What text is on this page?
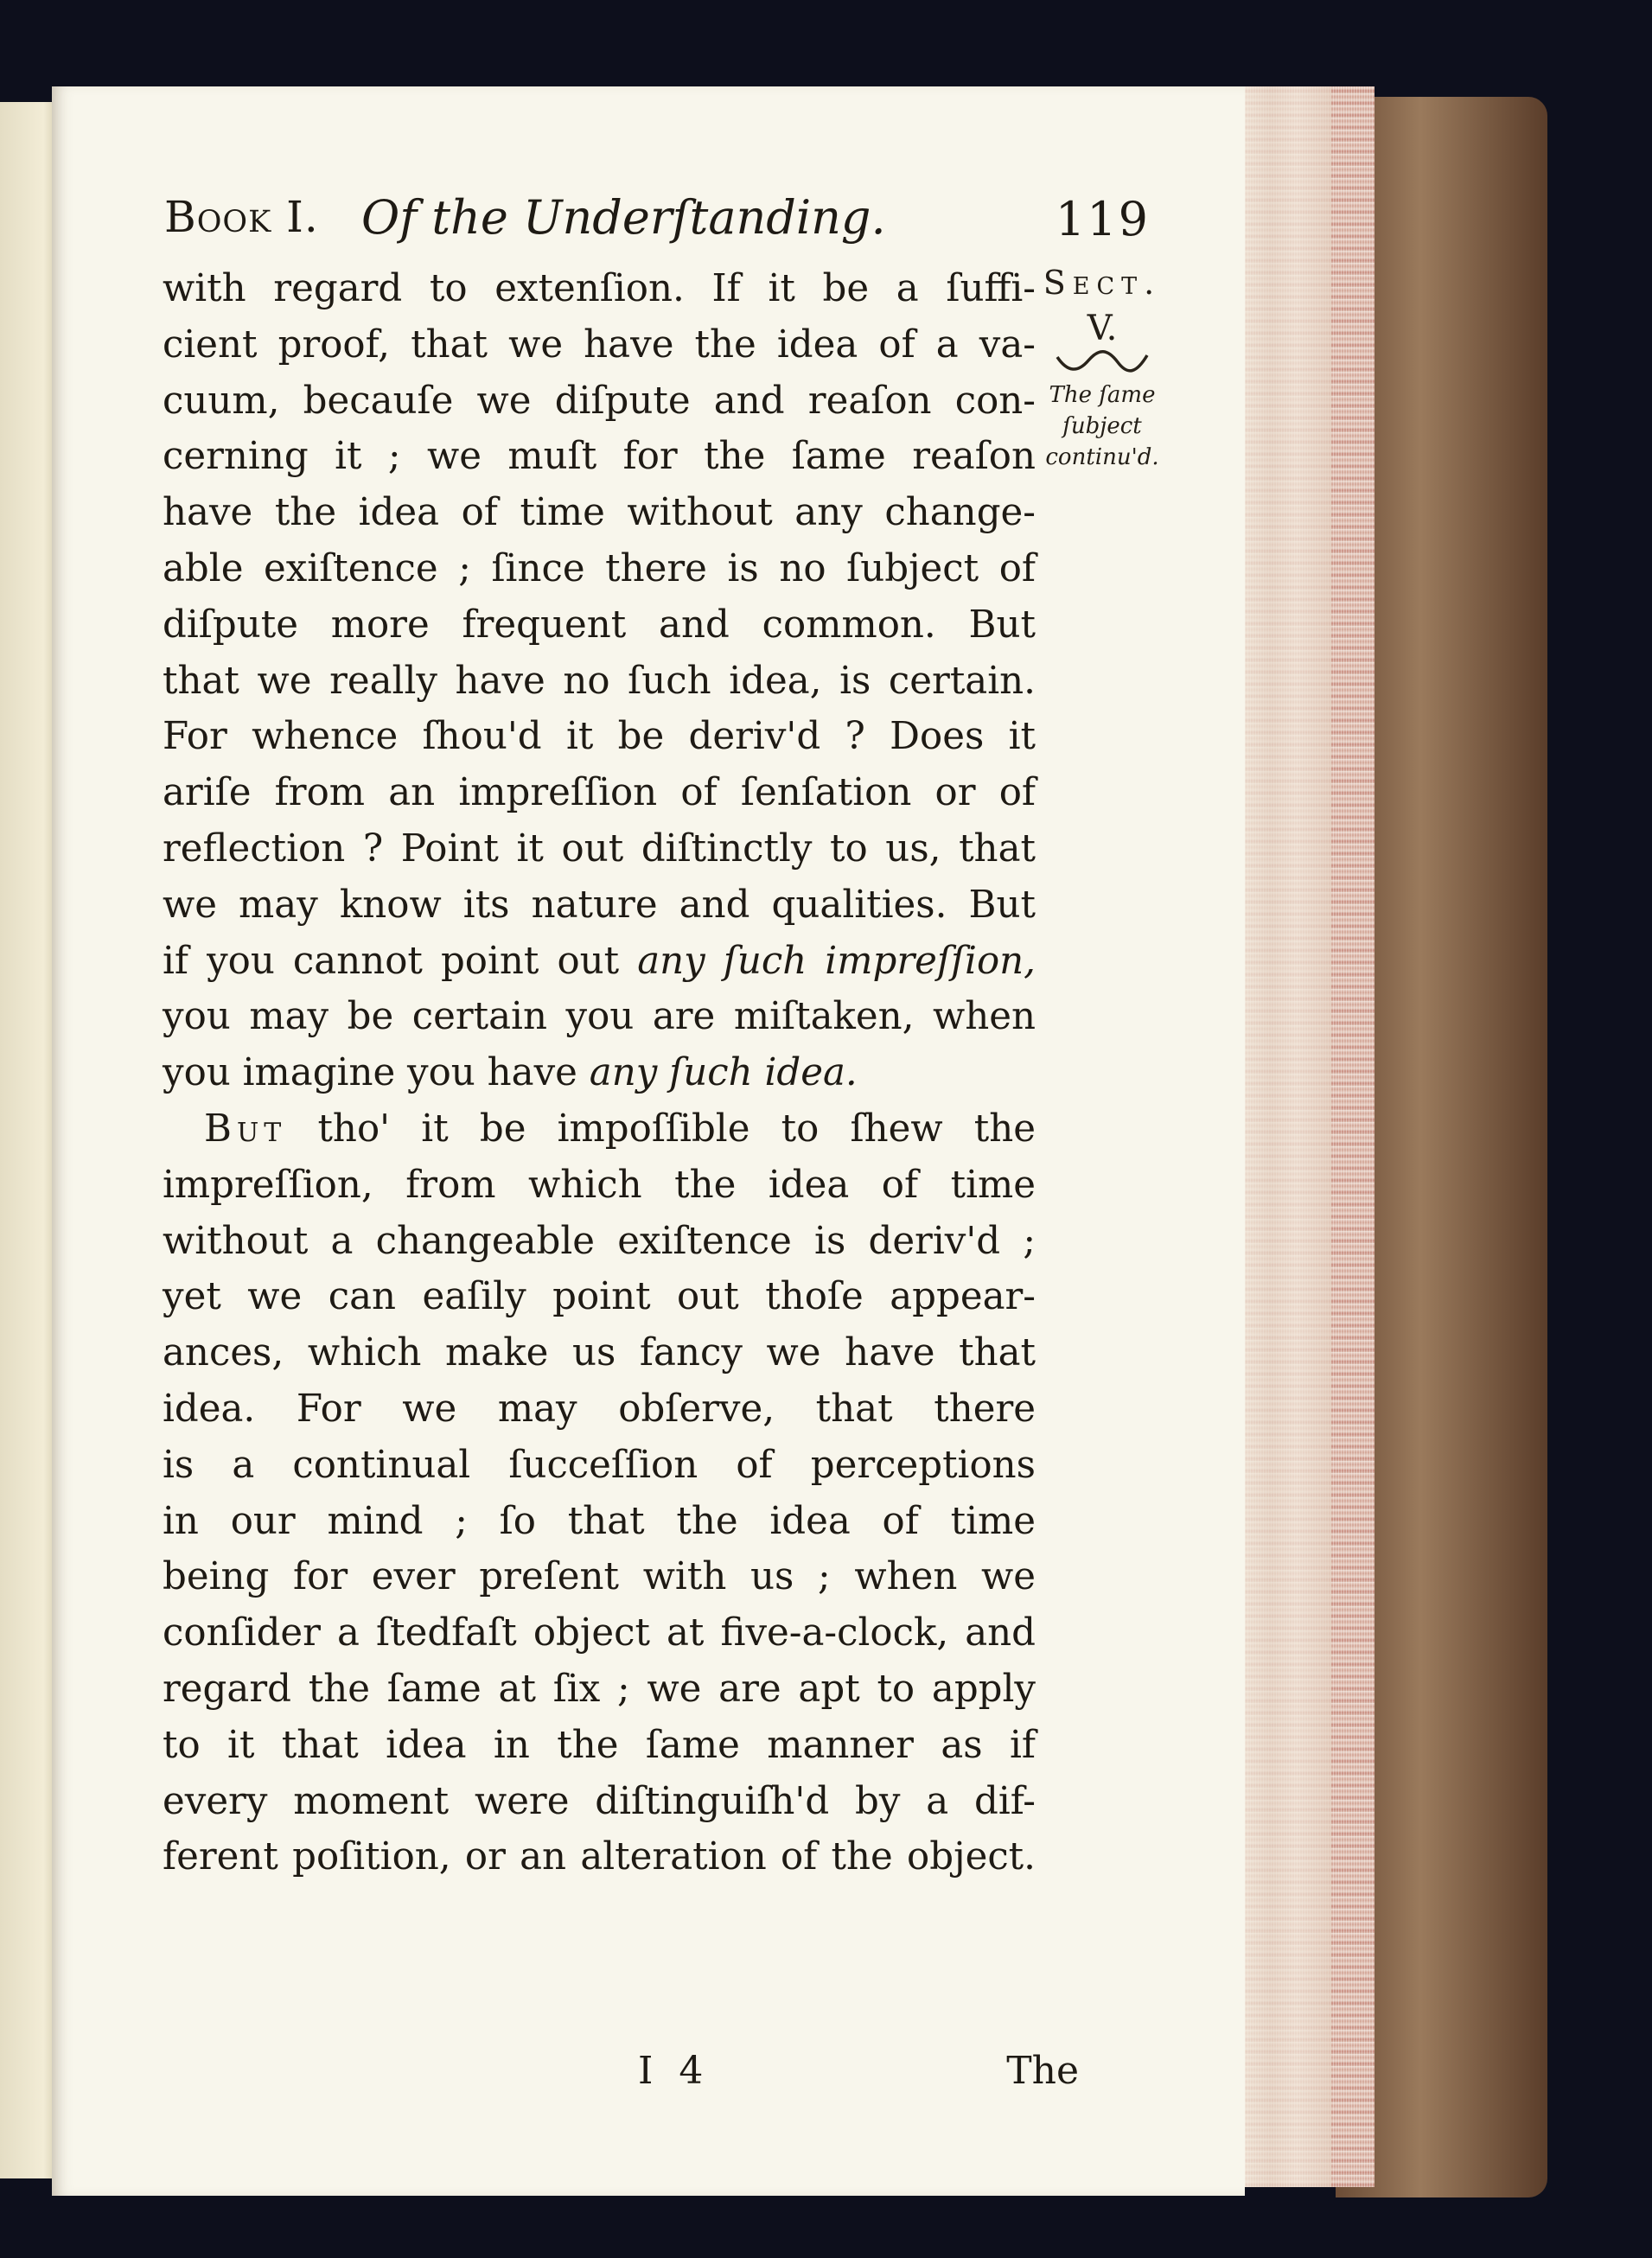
Book I. Of the Underſtanding.	119
with regard to extenſion. If it be a ſuffi-
cient proof, that we have the idea of a va-
cuum, becauſe we diſpute and reaſon con-
cerning it ; we muſt for the ſame reaſon
have the idea of time without any change-
able exiſtence ; ſince there is no ſubject of
diſpute more frequent and common. But
that we really have no ſuch idea, is certain.
For whence ſhou'd it be deriv'd ? Does it
ariſe from an impreſſion of ſenſation or of
reflection ? Point it out diſtinctly to us, that
we may know its nature and qualities. But
if you cannot point out any ſuch impreſſion,
you may be certain you are miſtaken, when
you imagine you have any ſuch idea.
But tho' it be impoſſible to ſhew the
impreſſion, from which the idea of time
without a changeable exiſtence is deriv'd ;
yet we can eaſily point out thoſe appear-
ances, which make us fancy we have that
idea. For we may obſerve, that there
is a continual ſucceſſion of perceptions
in our mind ; ſo that the idea of time
being for ever preſent with us ; when we
conſider a ſtedfaſt object at five-a-clock, and
regard the ſame at ſix ; we are apt to apply
to it that idea in the ſame manner as if
every moment were diſtinguiſh'd by a dif-
ferent poſition, or an alteration of the object.
Sect.
V.
The ſame
ſubject
continu'd.
I 4	The
